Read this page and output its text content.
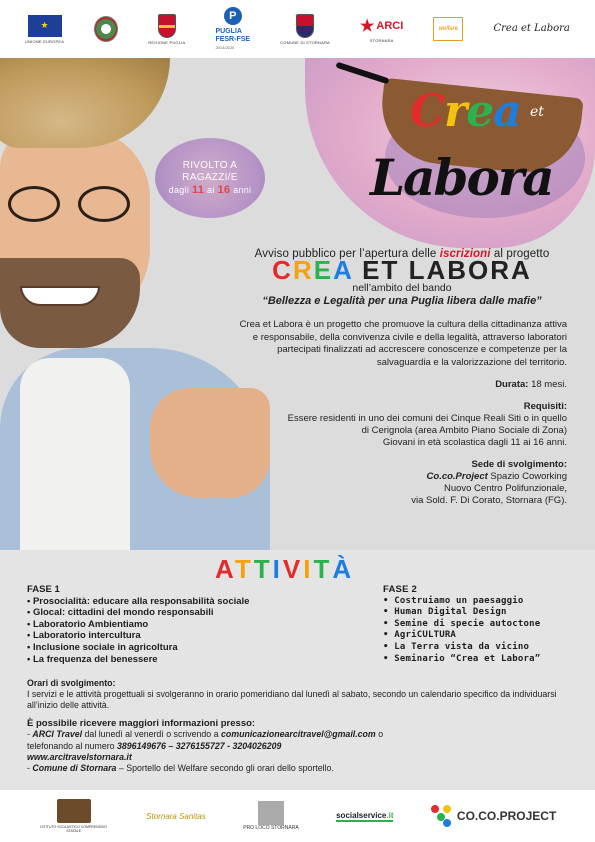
★
UNIONE EUROPEA	REGIONE PUGLIA
P
PUGLIA
FESR-FSE
2014/2020
COMUNE DI STORNARA
★ ARCI
STORNARA
welfare	Crea et Labora
RIVOLTO A
RAGAZZI/E
dagli 11 ai 16 anni
Crea et
Labora
Avviso pubblico per l’apertura delle iscrizioni al progetto
CREA ET LABORA
nell’ambito del bando
“Bellezza e Legalità per una Puglia libera dalle mafie”
Crea et Labora è un progetto che promuove la cultura della cittadinanza attiva e responsabile, della convivenza civile e della legalità, attraverso laboratori partecipati finalizzati ad accrescere conoscenze e competenze per la salvaguardia e la valorizzazione del territorio.
Durata: 18 mesi.
Requisiti:
Essere residenti in uno dei comuni dei Cinque Reali Siti o in quello
di Cerignola (area Ambito Piano Sociale di Zona)
Giovani in età scolastica dagli 11 ai 16 anni.
Sede di svolgimento:
Co.co.Project Spazio Coworking
Nuovo Centro Polifunzionale,
via Sold. F. Di Corato, Stornara (FG).
ATTIVITÀ
FASE 1
• Prosocialità: educare alla responsabilità sociale
• Glocal: cittadini del mondo responsabili
• Laboratorio Ambientiamo
• Laboratorio intercultura
• Inclusione sociale in agricoltura
• La frequenza del benessere
FASE 2
• Costruiamo un paesaggio
• Human Digital Design
• Semine di specie autoctone
• AgriCULTURA
• La Terra vista da vicino
• Seminario “Crea et Labora”
Orari di svolgimento:
I servizi e le attività progettuali si svolgeranno in orario pomeridiano dal lunedì al sabato, secondo un calendario specifico da individuarsi all’inizio delle attività.
È possibile ricevere maggiori informazioni presso:
- ARCI Travel dal lunedì al venerdì o scrivendo a comunicazionearcitravel@gmail.com o
telefonando al numero 3896149676 – 3276155727 - 3204026209
www.arcitravelstornara.it
- Comune di Stornara – Sportello del Welfare secondo gli orari dello sportello.
ISTITUTO SCOLASTICO COMPRENSIVO STATALE
Stornara Sanitas
PRO LOCO STORNARA
socialservice.it	CO.CO.PROJECT
